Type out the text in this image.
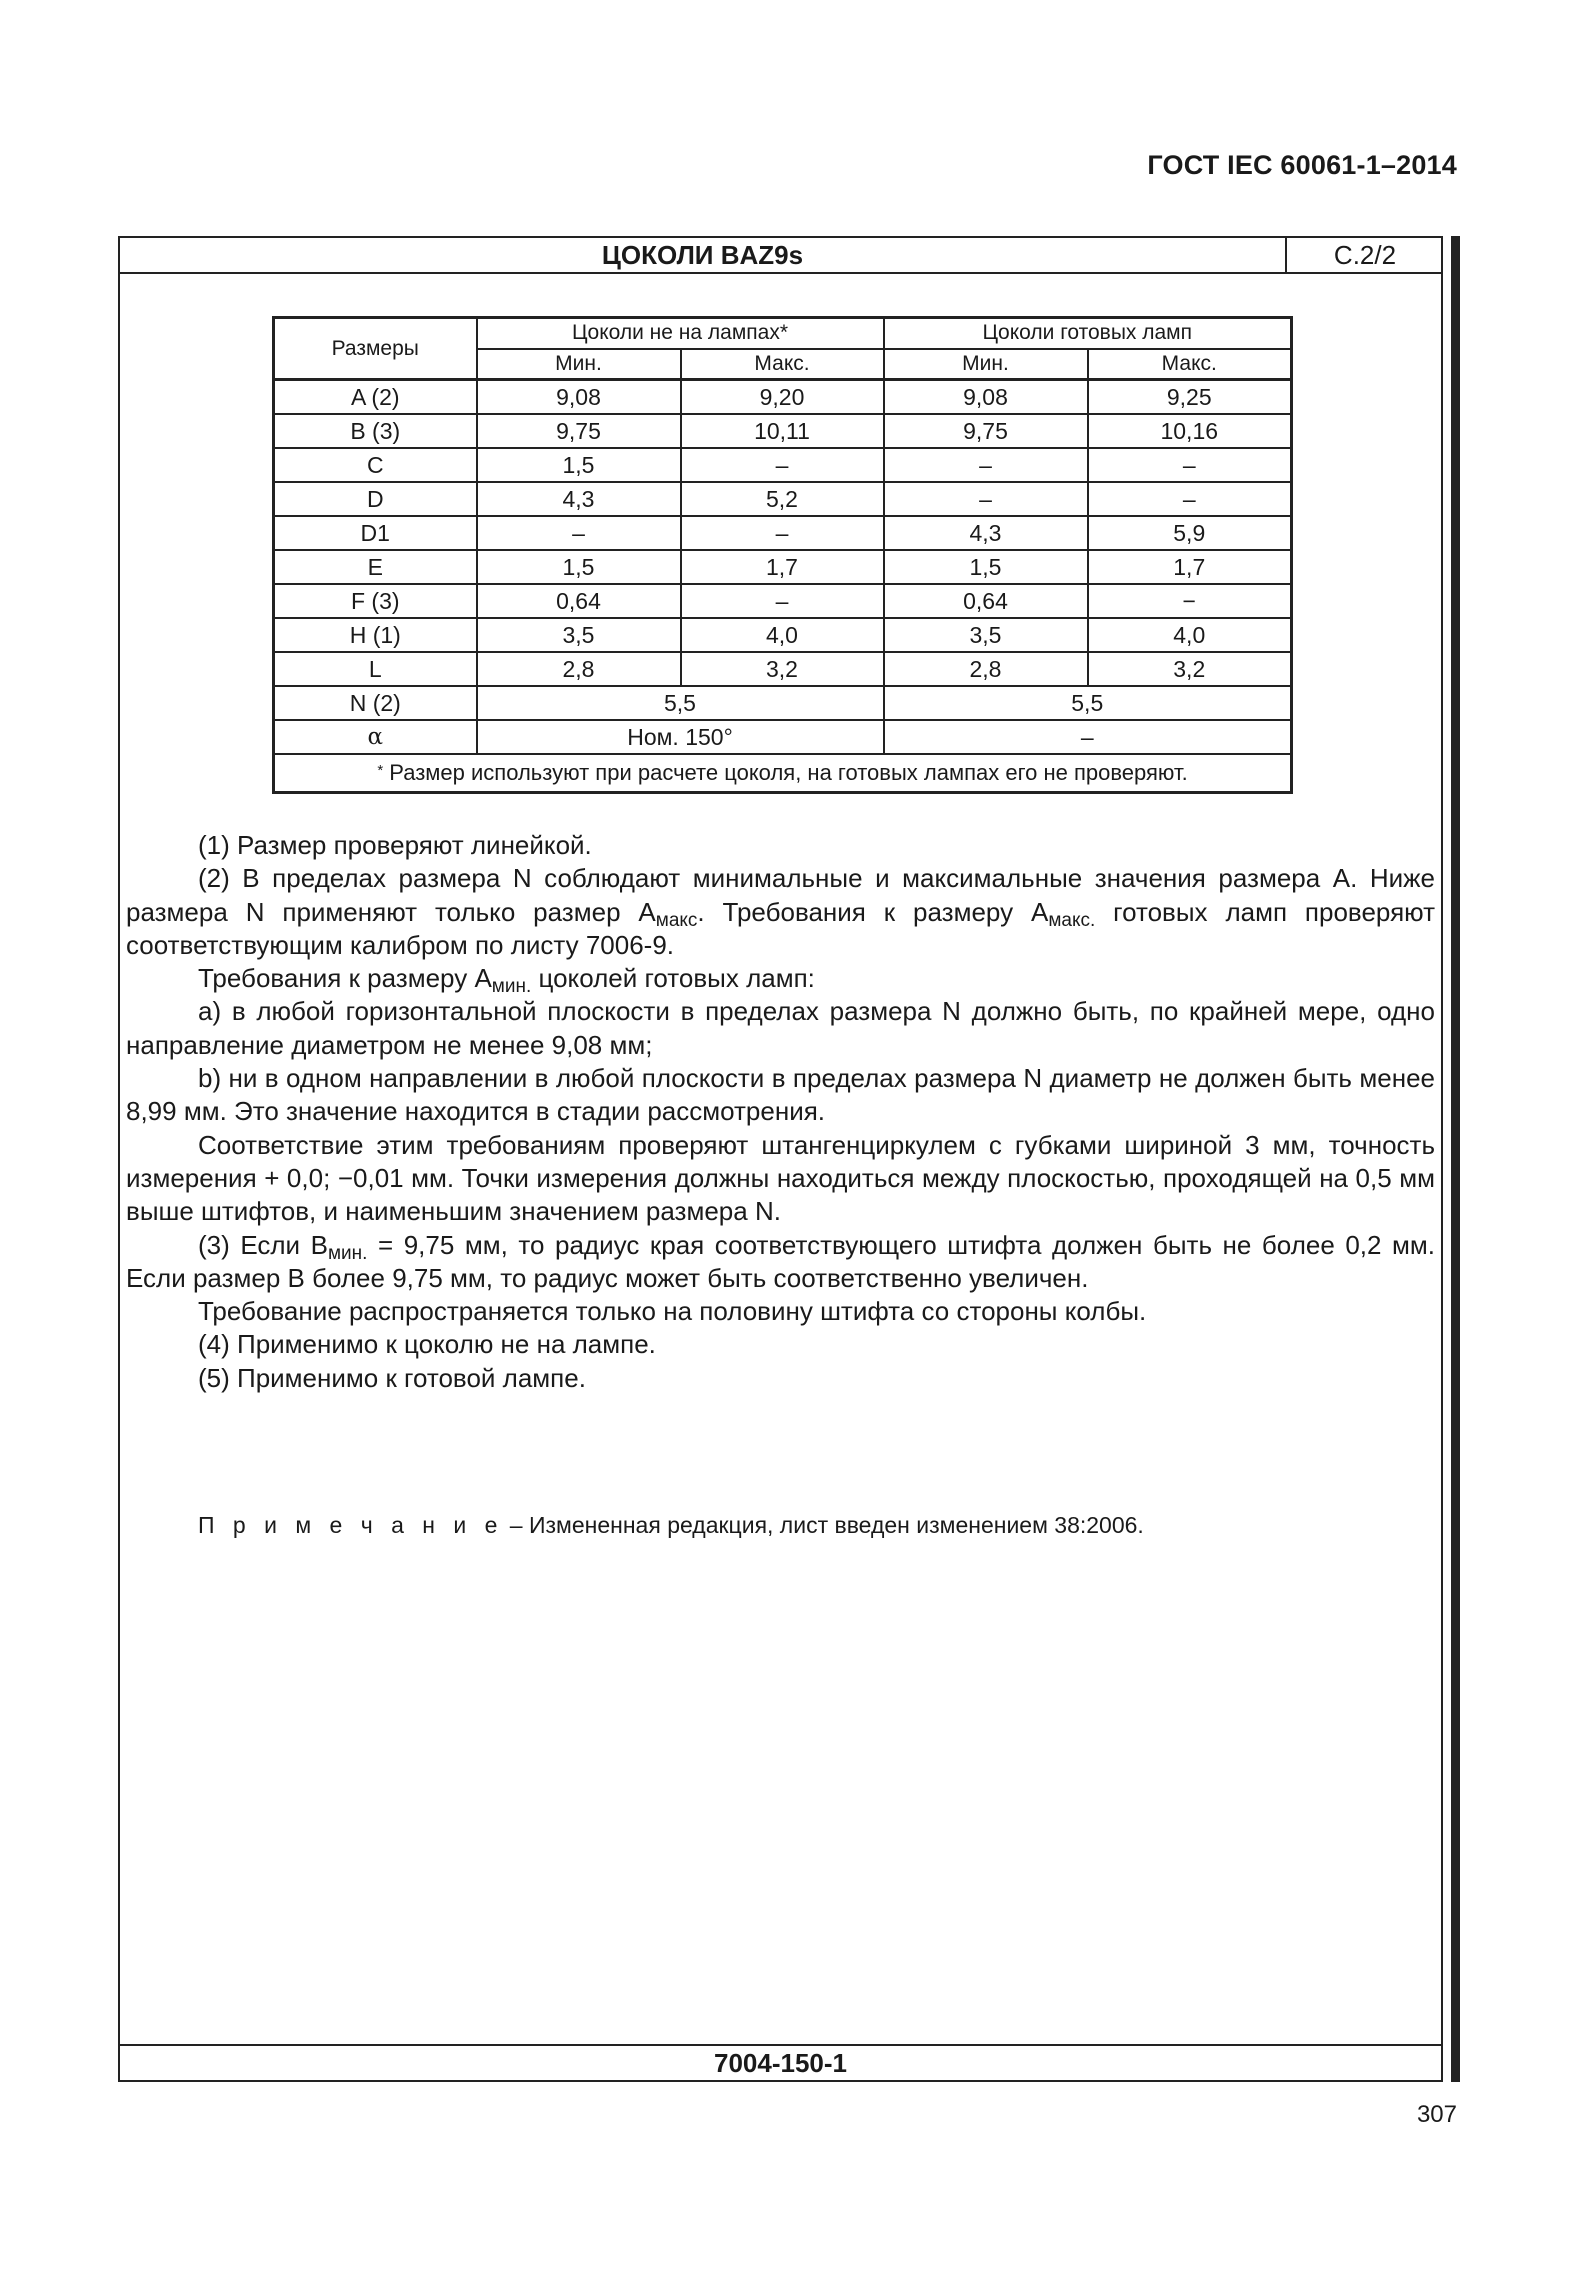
ГОСТ IEC 60061-1–2014
ЦОКОЛИ BAZ9s	С.2/2
7004-150-1
Размеры	Цоколи не на лампах*		Цоколи готовых ламп	
	Мин.	Макс.	Мин.	Макс.
A (2)	9,08	9,20	9,08	9,25
B (3)	9,75	10,11	9,75	10,16
C	1,5	–	–	–
D	4,3	5,2	–	–
D1	–	–	4,3	5,9
E	1,5	1,7	1,5	1,7
F (3)	0,64	–	0,64	−
H (1)	3,5	4,0	3,5	4,0
L	2,8	3,2	2,8	3,2
N (2)	5,5		5,5	
α	Ном. 150°		–	
* Размер используют при расчете цоколя, на готовых лампах его не проверяют.				

(1) Размер проверяют линейкой.

(2) В пределах размера N соблюдают минимальные и максимальные значения размера A. Ниже размера N применяют только размер $A_{макс}$. Требования к размеру $A_{макс.}$ готовых ламп проверяют соответствующим калибром по листу 7006-9.

Требования к размеру $A_{мин.}$ цоколей готовых ламп:

а) в любой горизонтальной плоскости в пределах размера N должно быть, по крайней мере, одно направление диаметром не менее 9,08 мм;

b) ни в одном направлении в любой плоскости в пределах размера N диаметр не должен быть менее 8,99 мм. Это значение находится в стадии рассмотрения.

Соответствие этим требованиям проверяют штангенциркулем с губками шириной 3 мм, точность измерения + 0,0; −0,01 мм. Точки измерения должны находиться между плоскостью, проходящей на 0,5 мм выше штифтов, и наименьшим значением размера N.

(3) Если $B_{мин.} = 9,75$ мм, то радиус края соответствующего штифта должен быть не более 0,2 мм. Если размер B более 9,75 мм, то радиус может быть соответственно увеличен.

Требование распространяется только на половину штифта со стороны колбы.

(4) Применимо к цоколю не на лампе.

(5) Применимо к готовой лампе.

П р и м е ч а н и е – Измененная редакция, лист введен изменением 38:2006.
307
